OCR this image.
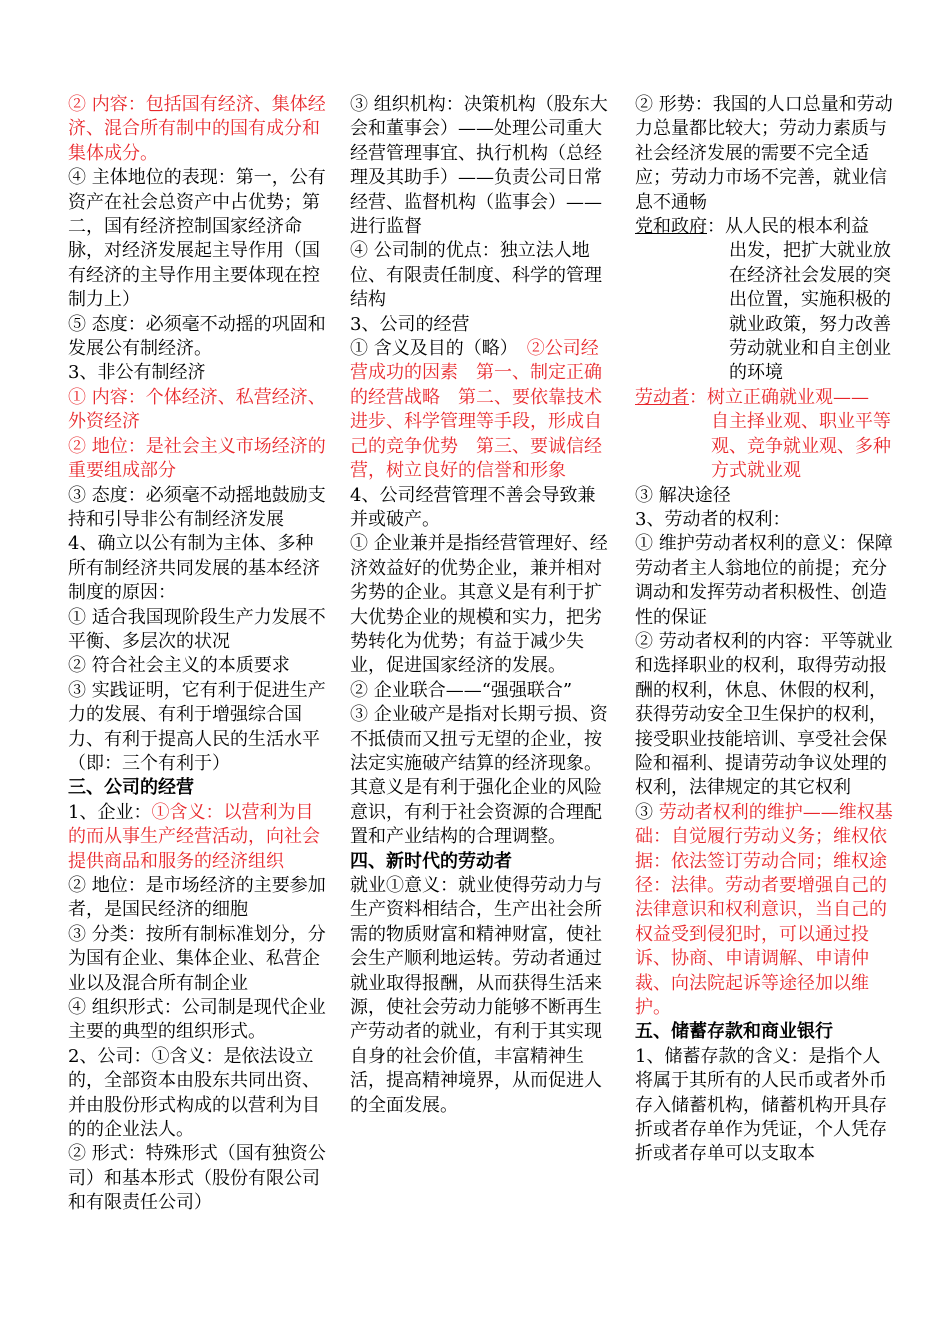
② 内容：包括国有经济、集体经济、混合所有制中的国有成分和集体成分。

④ 主体地位的表现：第一，公有资产在社会总资产中占优势；第二，国有经济控制国家经济命脉，对经济发展起主导作用（国有经济的主导作用主要体现在控制力上）

⑤ 态度：必须毫不动摇的巩固和发展公有制经济。

3、非公有制经济

① 内容：个体经济、私营经济、外资经济

② 地位：是社会主义市场经济的重要组成部分

③ 态度：必须毫不动摇地鼓励支持和引导非公有制经济发展

4、确立以公有制为主体、多种所有制经济共同发展的基本经济制度的原因：

① 适合我国现阶段生产力发展不平衡、多层次的状况

② 符合社会主义的本质要求

③ 实践证明，它有利于促进生产力的发展、有利于增强综合国力、有利于提高人民的生活水平（即：三个有利于）

三、公司的经营

1、企业：①含义：以营利为目的而从事生产经营活动，向社会提供商品和服务的经济组织

② 地位：是市场经济的主要参加者，是国民经济的细胞

③ 分类：按所有制标准划分，分为国有企业、集体企业、私营企业以及混合所有制企业

④ 组织形式：公司制是现代企业主要的典型的组织形式。

2、公司：①含义：是依法设立的，全部资本由股东共同出资、并由股份形式构成的以营利为目的的企业法人。

② 形式：特殊形式（国有独资公司）和基本形式（股份有限公司和有限责任公司）

③ 组织机构：决策机构（股东大会和董事会）——处理公司重大经营管理事宜、执行机构（总经理及其助手）——负责公司日常经营、监督机构（监事会）——进行监督

④ 公司制的优点：独立法人地位、有限责任制度、科学的管理结构

3、公司的经营

① 含义及目的（略）　 ②公司经营成功的因素　第一、制定正确的经营战略　第二、要依靠技术进步、科学管理等手段，形成自己的竞争优势　第三、要诚信经营，树立良好的信誉和形象

4、公司经营管理不善会导致兼并或破产。

① 企业兼并是指经营管理好、经济效益好的优势企业，兼并相对劣势的企业。其意义是有利于扩大优势企业的规模和实力，把劣势转化为优势；有益于减少失业，促进国家经济的发展。

② 企业联合——“强强联合”

③ 企业破产是指对长期亏损、资不抵债而又扭亏无望的企业，按法定实施破产结算的经济现象。其意义是有利于强化企业的风险意识，有利于社会资源的合理配置和产业结构的合理调整。

四、新时代的劳动者

就业①意义：就业使得劳动力与生产资料相结合，生产出社会所需的物质财富和精神财富，使社会生产顺利地运转。劳动者通过就业取得报酬，从而获得生活来源，使社会劳动力能够不断再生产劳动者的就业，有利于其实现自身的社会价值，丰富精神生活，提高精神境界，从而促进人的全面发展。

② 形势：我国的人口总量和劳动力总量都比较大；劳动力素质与社会经济发展的需要不完全适应；劳动力市场不完善，就业信息不通畅

党和政府：从人民的根本利益

出发，把扩大就业放在经济社会发展的突出位置，实施积极的就业政策，努力改善劳动就业和自主创业的环境

劳动者：树立正确就业观——

自主择业观、职业平等观、竞争就业观、多种方式就业观

③ 解决途径

3、劳动者的权利：

① 维护劳动者权利的意义：保障劳动者主人翁地位的前提；充分调动和发挥劳动者积极性、创造性的保证

② 劳动者权利的内容：平等就业和选择职业的权利，取得劳动报酬的权利，休息、休假的权利，获得劳动安全卫生保护的权利，接受职业技能培训、享受社会保险和福利、提请劳动争议处理的权利，法律规定的其它权利

③ 劳动者权利的维护——维权基础：自觉履行劳动义务；维权依据：依法签订劳动合同；维权途径：法律。劳动者要增强自己的法律意识和权利意识，当自己的权益受到侵犯时，可以通过投诉、协商、申请调解、申请仲裁、向法院起诉等途径加以维护。

五、储蓄存款和商业银行

1、储蓄存款的含义：是指个人将属于其所有的人民币或者外币存入储蓄机构，储蓄机构开具存折或者存单作为凭证，个人凭存折或者存单可以支取本
